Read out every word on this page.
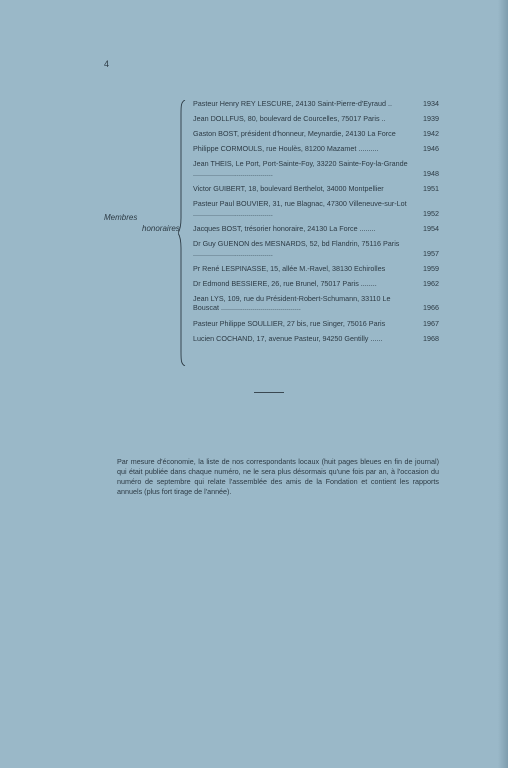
4
Membres
honoraires
Pasteur Henry REY LESCURE, 24130 Saint-Pierre-d'Eyraud ..	1934
Jean DOLLFUS, 80, boulevard de Courcelles, 75017 Paris ..	1939
Gaston BOST, président d'honneur, Meynardie, 24130 La Force	1942
Philippe CORMOULS, rue Houlès, 81200 Mazamet ..........	1946
Jean THEIS, Le Port, Port-Sainte-Foy, 33220 Sainte-Foy-la-Grande ........................................	1948
Victor GUIBERT, 18, boulevard Berthelot, 34000 Montpellier	1951
Pasteur Paul BOUVIER, 31, rue Blagnac, 47300 Villeneuve-sur-Lot ........................................	1952
Jacques BOST, trésorier honoraire, 24130 La Force ........	1954
Dr Guy GUENON des MESNARDS, 52, bd Flandrin, 75116 Paris ........................................	1957
Pr René LESPINASSE, 15, allée M.-Ravel, 38130 Echirolles	1959
Dr Edmond BESSIERE, 26, rue Brunel, 75017 Paris ........	1962
Jean LYS, 109, rue du Président-Robert-Schumann, 33110 Le Bouscat ........................................	1966
Pasteur Philippe SOULLIER, 27 bis, rue Singer, 75016 Paris	1967
Lucien COCHAND, 17, avenue Pasteur, 94250 Gentilly ......	1968

Par mesure d'économie, la liste de nos correspondants locaux (huit pages bleues en fin de journal) qui était publiée dans chaque numéro, ne le sera plus désormais qu'une fois par an, à l'occasion du numéro de septembre qui relate l'assemblée des amis de la Fondation et contient les rapports annuels (plus fort tirage de l'année).
